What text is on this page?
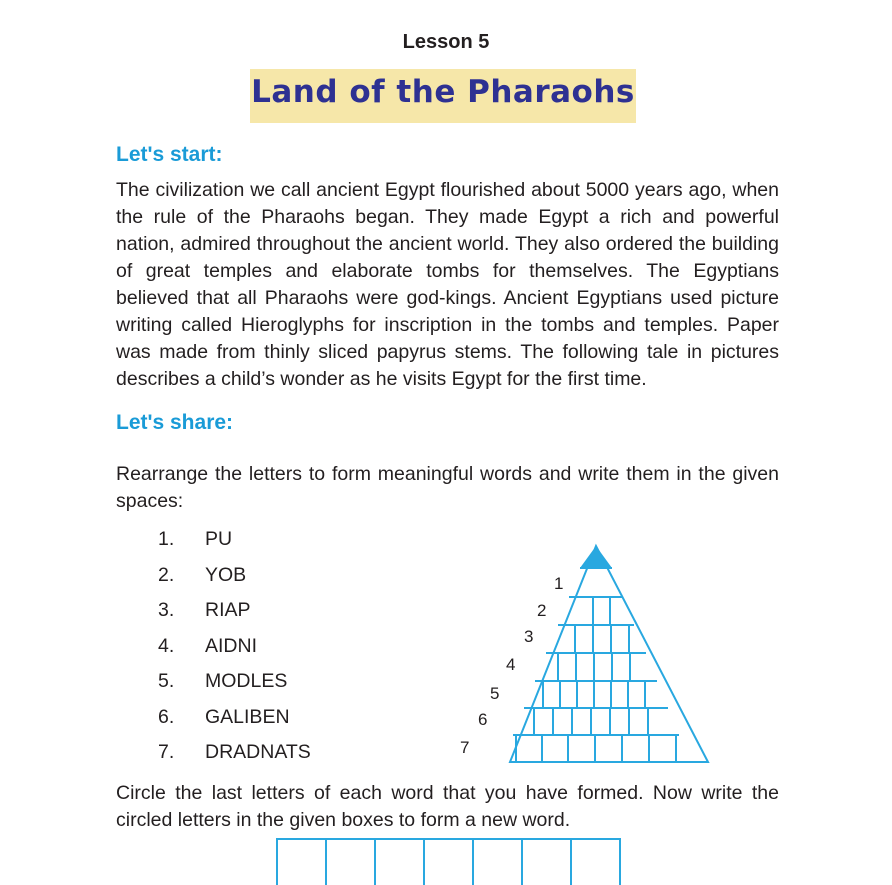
Lesson 5
Land of the Pharaohs
Let's start:
The civilization we call ancient Egypt flourished about 5000 years ago, when the rule of the Pharaohs began. They made Egypt a rich and powerful nation, admired throughout the ancient world. They also ordered the building of great temples and elaborate tombs for themselves. The Egyptians believed that all Pharaohs were god-kings. Ancient Egyptians used picture writing called Hieroglyphs for inscription in the tombs and temples. Paper was made from thinly sliced papyrus stems. The following tale in pictures describes a child’s wonder as he visits Egypt for the first time.
Let's share:
Rearrange the letters to form meaningful words and write them in the given spaces:
1. PU
2. YOB
3. RIAP
4. AIDNI
5. MODLES
6. GALIBEN
7. DRADNATS
1
2
3
4
5
6
7
Circle the last letters of each word that you have formed. Now write the circled letters in the given boxes to form a new word.
